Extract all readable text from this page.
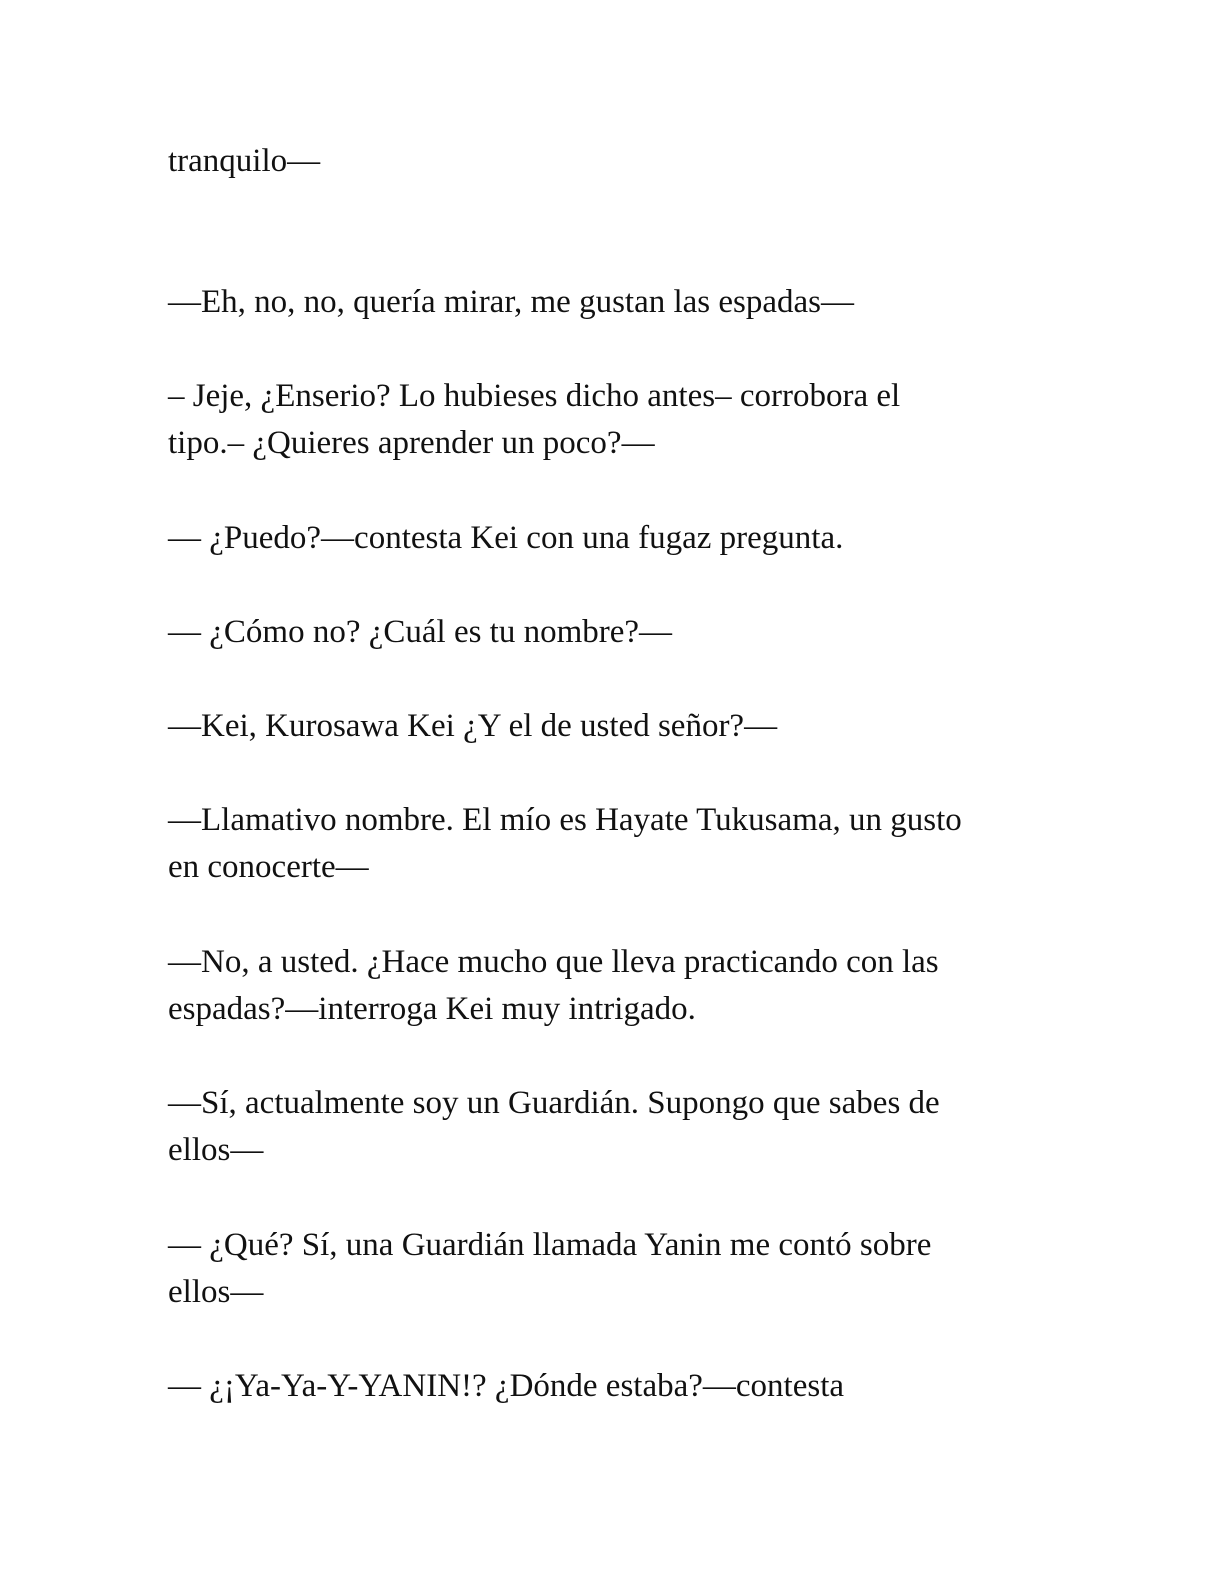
tranquilo—
—Eh, no, no, quería mirar, me gustan las espadas—
– Jeje, ¿Enserio? Lo hubieses dicho antes– corrobora el
tipo.– ¿Quieres aprender un poco?—
— ¿Puedo?—contesta Kei con una fugaz pregunta.
— ¿Cómo no? ¿Cuál es tu nombre?—
—Kei, Kurosawa Kei ¿Y el de usted señor?—
—Llamativo nombre. El mío es Hayate Tukusama, un gusto
en conocerte—
—No, a usted. ¿Hace mucho que lleva practicando con las
espadas?—interroga Kei muy intrigado.
—Sí, actualmente soy un Guardián. Supongo que sabes de
ellos—
— ¿Qué? Sí, una Guardián llamada Yanin me contó sobre
ellos—
— ¿¡Ya-Ya-Y-YANIN!? ¿Dónde estaba?—contesta
